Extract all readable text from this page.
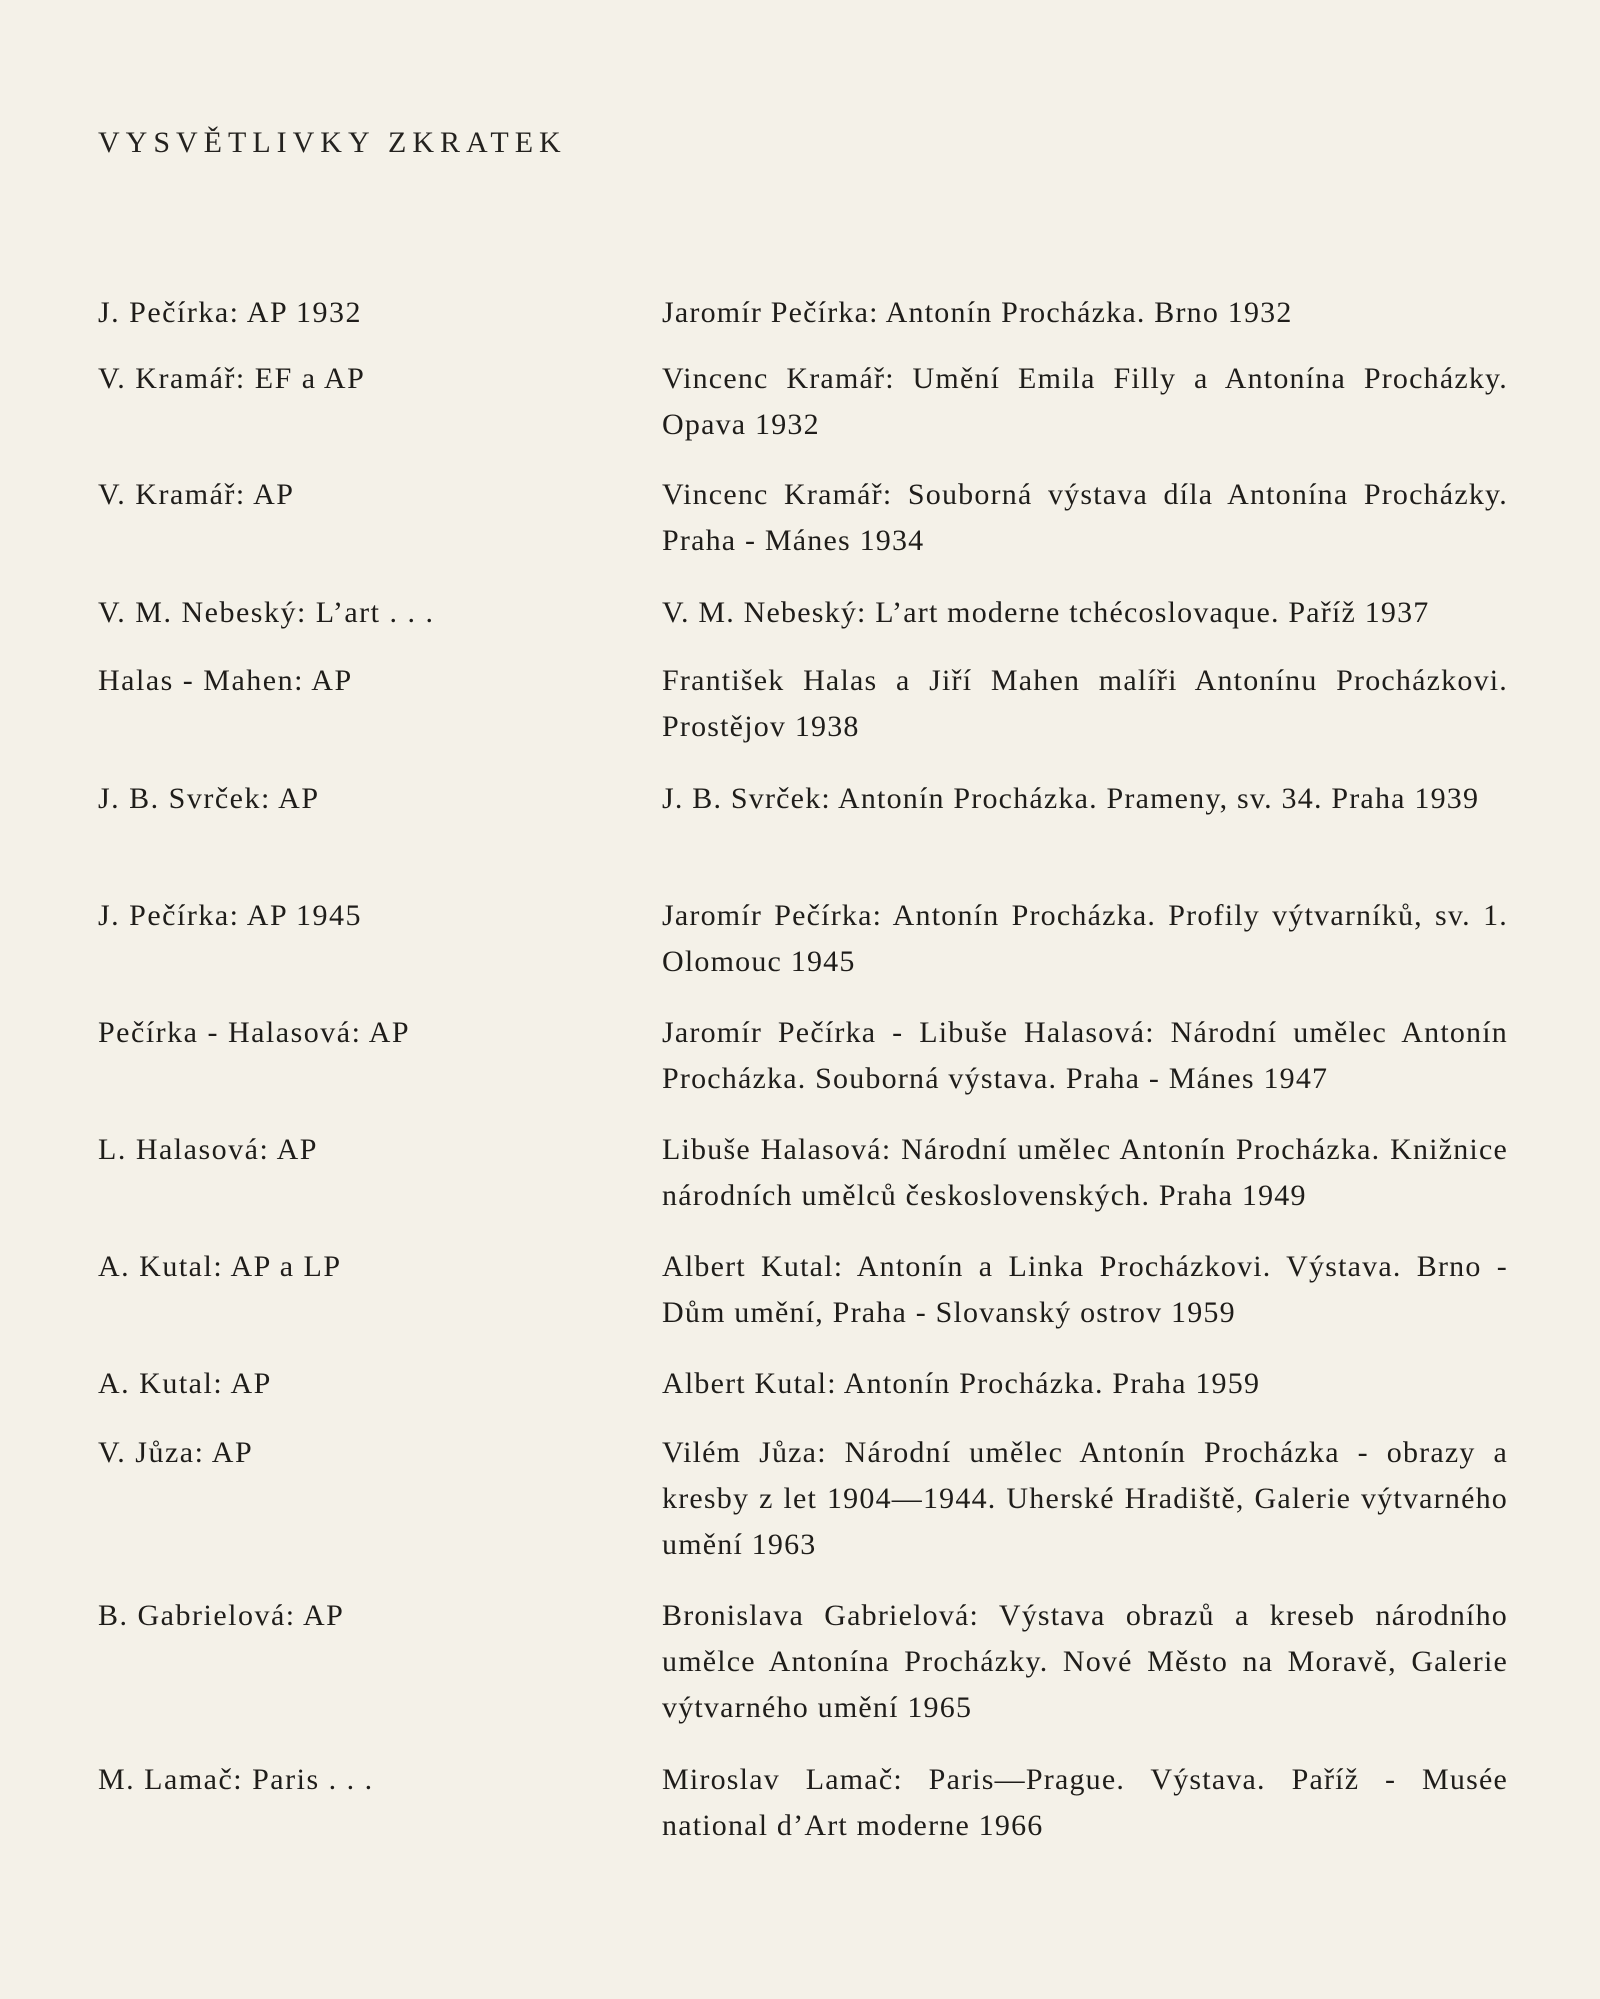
VYSVĚTLIVKY ZKRATEK
J. Pečírka: AP 1932	Jaromír Pečírka: Antonín Procházka. Brno 1932
V. Kramář: EF a AP	Vincenc Kramář: Umění Emila Filly a Antonína Procházky. Opava 1932
V. Kramář: AP	Vincenc Kramář: Souborná výstava díla Antonína Procházky. Praha - Mánes 1934
V. M. Nebeský: L’art . . .	V. M. Nebeský: L’art moderne tchécoslovaque. Paříž 1937
Halas - Mahen: AP	František Halas a Jiří Mahen malíři Antonínu Procházkovi. Prostějov 1938
J. B. Svrček: AP	J. B. Svrček: Antonín Procházka. Prameny, sv. 34. Praha 1939
J. Pečírka: AP 1945	Jaromír Pečírka: Antonín Procházka. Profily výtvarníků, sv. 1. Olomouc 1945
Pečírka - Halasová: AP	Jaromír Pečírka - Libuše Halasová: Národní umělec Antonín Procházka. Souborná výstava. Praha - Mánes 1947
L. Halasová: AP	Libuše Halasová: Národní umělec Antonín Procházka. Knižnice národních umělců československých. Praha 1949
A. Kutal: AP a LP	Albert Kutal: Antonín a Linka Procházkovi. Výstava. Brno - Dům umění, Praha - Slovanský ostrov 1959
A. Kutal: AP	Albert Kutal: Antonín Procházka. Praha 1959
V. Jůza: AP	Vilém Jůza: Národní umělec Antonín Procházka - obrazy a kresby z let 1904—1944. Uherské Hradiště, Galerie výtvarného umění 1963
B. Gabrielová: AP	Bronislava Gabrielová: Výstava obrazů a kreseb národního umělce Antonína Procházky. Nové Město na Moravě, Galerie výtvarného umění 1965
M. Lamač: Paris . . .	Miroslav Lamač: Paris—Prague. Výstava. Paříž - Musée national d’Art moderne 1966
